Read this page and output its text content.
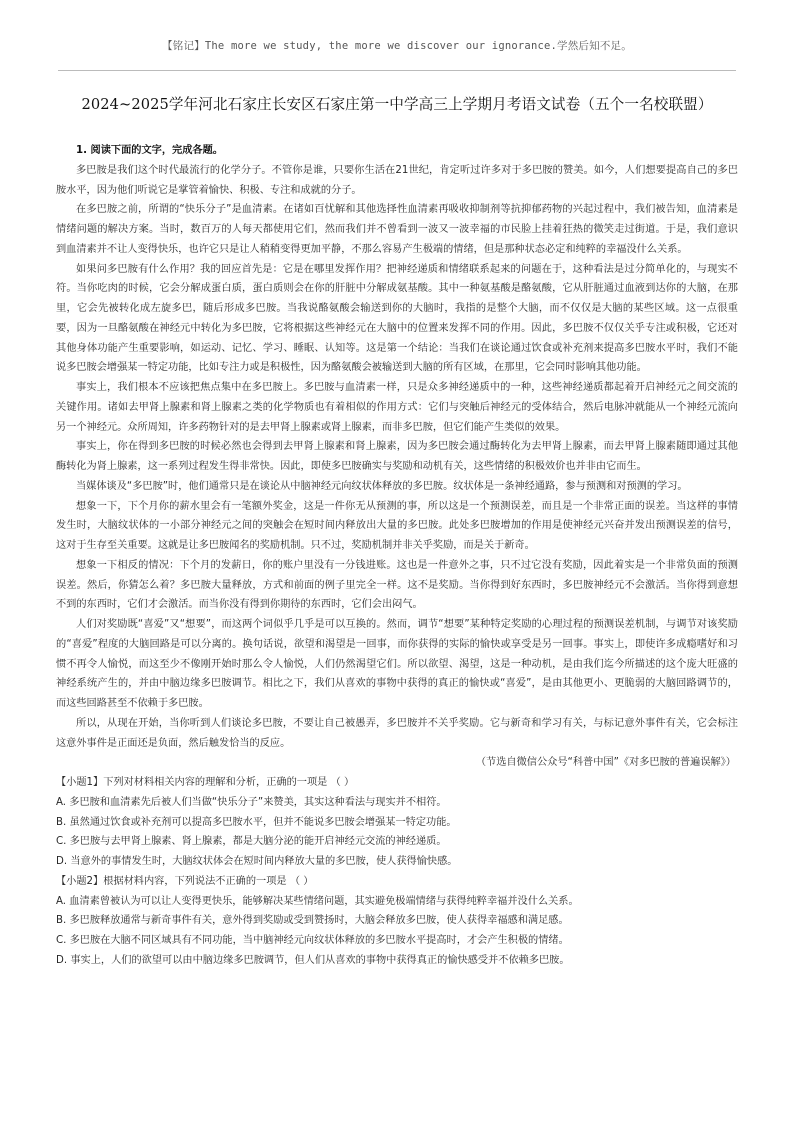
【铭记】The more we study, the more we discover our ignorance.学然后知不足。
2024~2025学年河北石家庄长安区石家庄第一中学高三上学期月考语文试卷（五个一名校联盟）
1. 阅读下面的文字，完成各题。

多巴胺是我们这个时代最流行的化学分子。不管你是谁，只要你生活在21世纪，肯定听过许多对于多巴胺的赞美。如今，人们想要提高自己的多巴胺水平，因为他们听说它是掌管着愉快、积极、专注和成就的分子。

在多巴胺之前，所谓的“快乐分子”是血清素。在诸如百忧解和其他选择性血清素再吸收抑制剂等抗抑郁药物的兴起过程中，我们被告知，血清素是情绪问题的解决方案。当时，数百万的人每天都使用它们，然而我们并不曾看到一波又一波幸福的市民脸上挂着狂热的微笑走过街道。于是，我们意识到血清素并不让人变得快乐，也许它只是让人稍稍变得更加平静，不那么容易产生极端的情绪，但是那种状态必定和纯粹的幸福没什么关系。

如果问多巴胺有什么作用？我的回应首先是：它是在哪里发挥作用？把神经递质和情绪联系起来的问题在于，这种看法是过分简单化的，与现实不符。当你吃肉的时候，它会分解成蛋白质，蛋白质则会在你的肝脏中分解成氨基酸。其中一种氨基酸是酪氨酸，它从肝脏通过血液到达你的大脑，在那里，它会先被转化成左旋多巴，随后形成多巴胺。当我说酪氨酸会输送到你的大脑时，我指的是整个大脑，而不仅仅是大脑的某些区域。这一点很重要，因为一旦酪氨酸在神经元中转化为多巴胺，它将根据这些神经元在大脑中的位置来发挥不同的作用。因此，多巴胺不仅仅关乎专注或积极，它还对其他身体功能产生重要影响，如运动、记忆、学习、睡眠、认知等。这是第一个结论：当我们在谈论通过饮食或补充剂来提高多巴胺水平时，我们不能说多巴胺会增强某一特定功能，比如专注力或是积极性，因为酪氨酸会被输送到大脑的所有区域，在那里，它会同时影响其他功能。

事实上，我们根本不应该把焦点集中在多巴胺上。多巴胺与血清素一样，只是众多神经递质中的一种，这些神经递质都起着开启神经元之间交流的关键作用。诸如去甲肾上腺素和肾上腺素之类的化学物质也有着相似的作用方式：它们与突触后神经元的受体结合，然后电脉冲就能从一个神经元流向另一个神经元。众所周知，许多药物针对的是去甲肾上腺素或肾上腺素，而非多巴胺，但它们能产生类似的效果。

事实上，你在得到多巴胺的时候必然也会得到去甲肾上腺素和肾上腺素，因为多巴胺会通过酶转化为去甲肾上腺素，而去甲肾上腺素随即通过其他酶转化为肾上腺素，这一系列过程发生得非常快。因此，即使多巴胺确实与奖励和动机有关，这些情绪的积极效价也并非由它而生。

当媒体谈及“多巴胺”时，他们通常只是在谈论从中脑神经元向纹状体释放的多巴胺。纹状体是一条神经通路，参与预测和对预测的学习。

想象一下，下个月你的薪水里会有一笔额外奖金，这是一件你无从预测的事，所以这是一个预测误差，而且是一个非常正面的误差。当这样的事情发生时，大脑纹状体的一小部分神经元之间的突触会在短时间内释放出大量的多巴胺。此处多巴胺增加的作用是使神经元兴奋并发出预测误差的信号，这对于生存至关重要。这就是让多巴胺闻名的奖励机制。只不过，奖励机制并非关乎奖励，而是关于新奇。

想象一下相反的情况：下个月的发薪日，你的账户里没有一分钱进账。这也是一件意外之事，只不过它没有奖励，因此着实是一个非常负面的预测误差。然后，你猜怎么着？多巴胺大量释放，方式和前面的例子里完全一样。这不是奖励。当你得到好东西时，多巴胺神经元不会激活。当你得到意想不到的东西时，它们才会激活。而当你没有得到你期待的东西时，它们会出闷气。

人们对奖励既“喜爱”又“想要”，而这两个词似乎几乎是可以互换的。然而，调节“想要”某种特定奖励的心理过程的预测误差机制，与调节对该奖励的“喜爱”程度的大脑回路是可以分离的。换句话说，欲望和渴望是一回事，而你获得的实际的愉快或享受是另一回事。事实上，即使许多成瘾嗜好和习惯不再令人愉悦，而这至少不像刚开始时那么令人愉悦，人们仍然渴望它们。所以欲望、渴望，这是一种动机，是由我们迄今所描述的这个庞大旺盛的神经系统产生的，并由中脑边缘多巴胺调节。相比之下，我们从喜欢的事物中获得的真正的愉快或“喜爱”，是由其他更小、更脆弱的大脑回路调节的，而这些回路甚至不依赖于多巴胺。

所以，从现在开始，当你听到人们谈论多巴胺，不要让自己被愚弄，多巴胺并不关乎奖励。它与新奇和学习有关，与标记意外事件有关，它会标注这意外事件是正面还是负面，然后触发恰当的反应。

（节选自微信公众号“科普中国”《对多巴胺的普遍误解》）

【小题1】下列对材料相关内容的理解和分析，正确的一项是 （ ）

A. 多巴胺和血清素先后被人们当做“快乐分子”来赞美，其实这种看法与现实并不相符。

B. 虽然通过饮食或补充剂可以提高多巴胺水平，但并不能说多巴胺会增强某一特定功能。

C. 多巴胺与去甲肾上腺素、肾上腺素，都是大脑分泌的能开启神经元交流的神经递质。

D. 当意外的事情发生时，大脑纹状体会在短时间内释放大量的多巴胺，使人获得愉快感。

【小题2】根据材料内容，下列说法不正确的一项是 （ ）

A. 血清素曾被认为可以让人变得更快乐，能够解决某些情绪问题，其实避免极端情绪与获得纯粹幸福并没什么关系。

B. 多巴胺释放通常与新奇事件有关，意外得到奖励或受到赞扬时，大脑会释放多巴胺，使人获得幸福感和满足感。

C. 多巴胺在大脑不同区域具有不同功能，当中脑神经元向纹状体释放的多巴胺水平提高时，才会产生积极的情绪。

D. 事实上，人们的欲望可以由中脑边缘多巴胺调节，但人们从喜欢的事物中获得真正的愉快感受并不依赖多巴胺。
